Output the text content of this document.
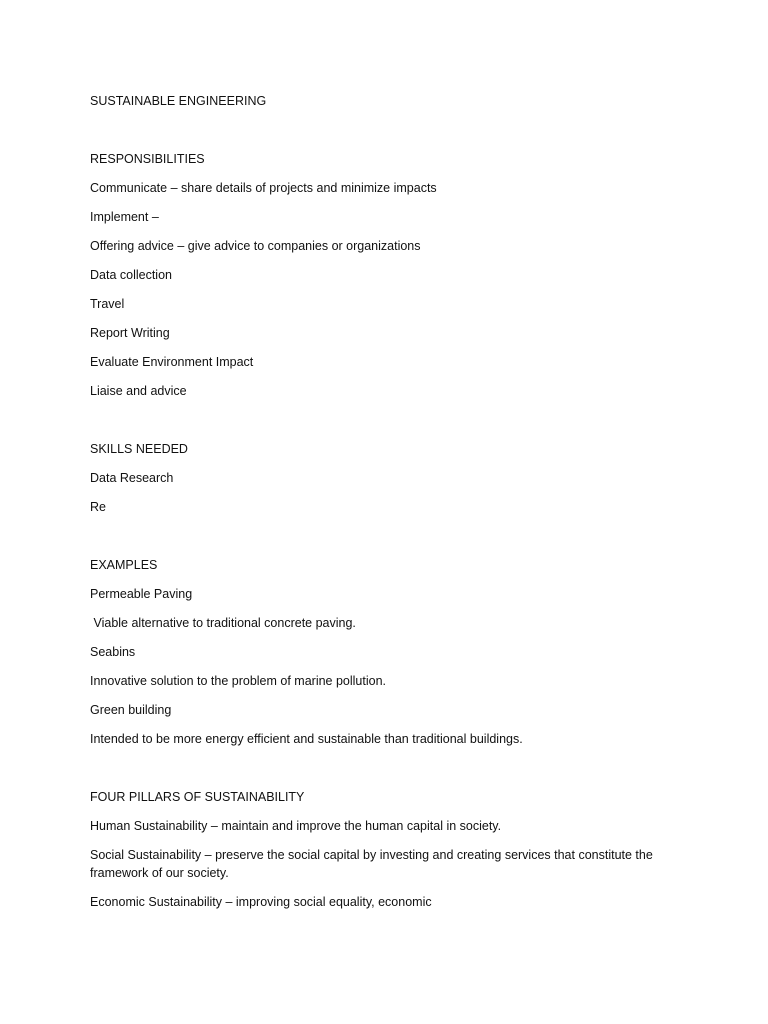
SUSTAINABLE ENGINEERING
RESPONSIBILITIES
Communicate – share details of projects and minimize impacts
Implement –
Offering advice – give advice to companies or organizations
Data collection
Travel
Report Writing
Evaluate Environment Impact
Liaise and advice
SKILLS NEEDED
Data Research
Re
EXAMPLES
Permeable Paving
Viable alternative to traditional concrete paving.
Seabins
Innovative solution to the problem of marine pollution.
Green building
Intended to be more energy efficient and sustainable than traditional buildings.
FOUR PILLARS OF SUSTAINABILITY
Human Sustainability – maintain and improve the human capital in society.
Social Sustainability – preserve the social capital by investing and creating services that constitute the framework of our society.
Economic Sustainability – improving social equality, economic
